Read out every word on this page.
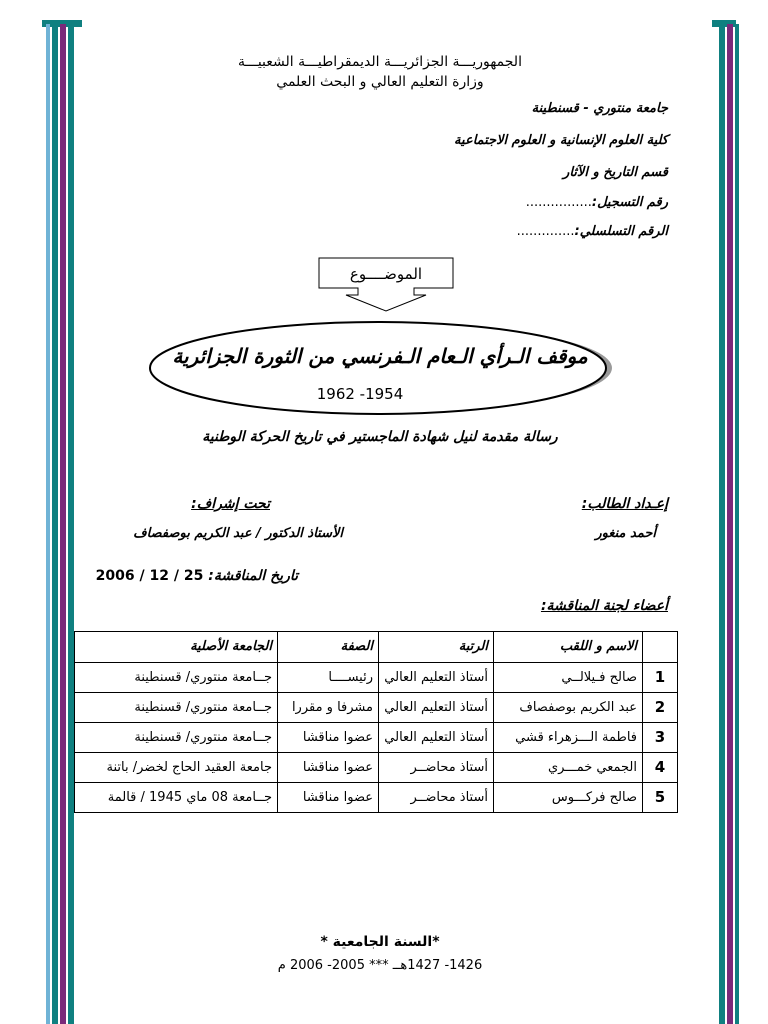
الجمهوريـــة الجزائريـــة الديمقراطيـــة الشعبيـــة
وزارة التعليم العالي و البحث العلمي
جامعة منتوري - قسنطينة
كلية العلوم الإنسانية و العلوم الاجتماعية
قسم التاريخ و الآثار
رقم التسجيل:................
الرقم التسلسلي:..............
الموضــــوع
موقف الـرأي الـعام الـفرنسي من الثورة الجزائرية
1962 -1954
رسالة مقدمة لنيل شهادة الماجستير في تاريخ الحركة الوطنية
إعـداد الطالب:
أحمد منغور
تحت إشراف:
الأستاذ الدكتور / عبد الكريم بوصفصاف
تاريخ المناقشة: 25 / 12 / 2006
أعضاء لجنة المناقشة:
	الاسم و اللقب	الرتبة	الصفة	الجامعة الأصلية
1	صالح فـيلالــي	أستاذ التعليم العالي	رئيســــا	جــامعة منتوري/ قسنطينة
2	عبد الكريم بوصفصاف	أستاذ التعليم العالي	مشرفا و مقررا	جــامعة منتوري/ قسنطينة
3	فاطمة الـــزهراء قشي	أستاذ التعليم العالي	عضوا مناقشا	جــامعة منتوري/ قسنطينة
4	الجمعي خمـــري	أستاذ محاضــر	عضوا مناقشا	جامعة العقيد الحاج لخضر/ باتنة
5	صالح فركـــوس	أستاذ محاضــر	عضوا مناقشا	جــامعة 08 ماي 1945 / قالمة
*السنة الجامعية *
1426- 1427هــ *** 2005- 2006 م
